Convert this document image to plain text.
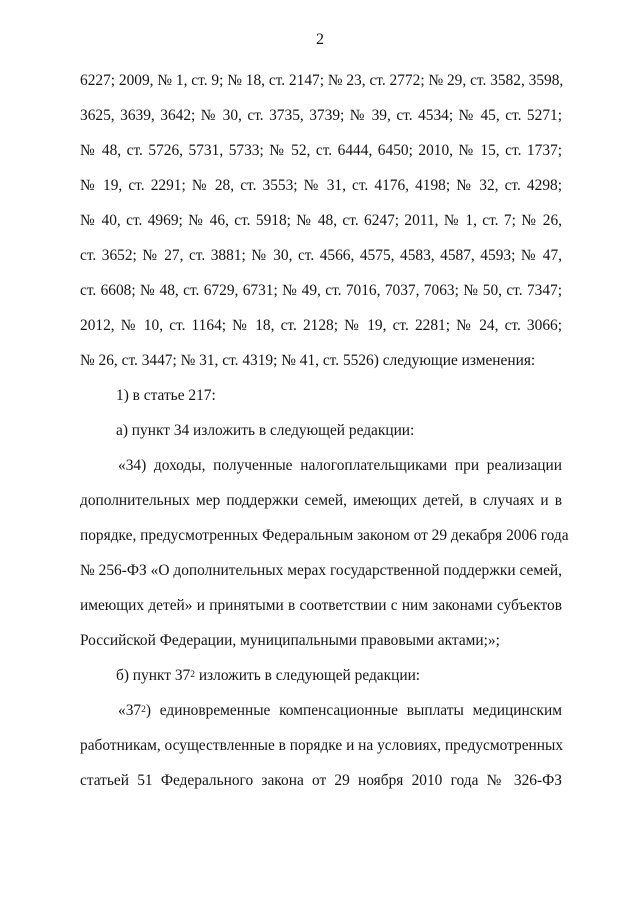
2
6227; 2009, № 1, ст. 9; № 18, ст. 2147; № 23, ст. 2772; № 29, ст. 3582, 3598,
3625, 3639, 3642; № 30, ст. 3735, 3739; № 39, ст. 4534; № 45, ст. 5271;
№ 48, ст. 5726, 5731, 5733; № 52, ст. 6444, 6450; 2010, № 15, ст. 1737;
№ 19, ст. 2291; № 28, ст. 3553; № 31, ст. 4176, 4198; № 32, ст. 4298;
№ 40, ст. 4969; № 46, ст. 5918; № 48, ст. 6247; 2011, № 1, ст. 7; № 26,
ст. 3652; № 27, ст. 3881; № 30, ст. 4566, 4575, 4583, 4587, 4593; № 47,
ст. 6608; № 48, ст. 6729, 6731; № 49, ст. 7016, 7037, 7063; № 50, ст. 7347;
2012, № 10, ст. 1164; № 18, ст. 2128; № 19, ст. 2281; № 24, ст. 3066;
№ 26, ст. 3447; № 31, ст. 4319; № 41, ст. 5526) следующие изменения:
1) в статье 217:
а) пункт 34 изложить в следующей редакции:
«34) доходы, полученные налогоплательщиками при реализации
дополнительных мер поддержки семей, имеющих детей, в случаях и в
порядке, предусмотренных Федеральным законом от 29 декабря 2006 года
№ 256-ФЗ «О дополнительных мерах государственной поддержки семей,
имеющих детей» и принятыми в соответствии с ним законами субъектов
Российской Федерации, муниципальными правовыми актами;»;
б) пункт $37^2$ изложить в следующей редакции:
«$37^2$) единовременные компенсационные выплаты медицинским
работникам, осуществленные в порядке и на условиях, предусмотренных
статьей 51 Федерального закона от 29 ноября 2010 года № 326-ФЗ
